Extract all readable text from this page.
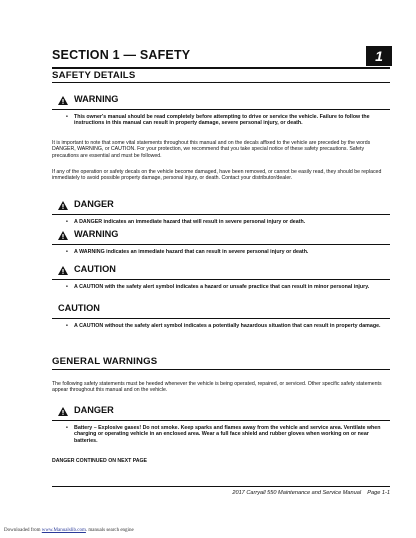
SECTION 1 — SAFETY	1
SAFETY DETAILS
WARNING
• This owner's manual should be read completely before attempting to drive or service the vehicle. Failure to follow the instructions in this manual can result in property damage, severe personal injury, or death.
It is important to note that some vital statements throughout this manual and on the decals affixed to the vehicle are preceded by the words DANGER, WARNING, or CAUTION. For your protection, we recommend that you take special notice of these safety precautions. Safety precautions are essential and must be followed.
If any of the operation or safety decals on the vehicle become damaged, have been removed, or cannot be easily read, they should be replaced immediately to avoid possible property damage, personal injury, or death. Contact your distributor/dealer.
DANGER
• A DANGER indicates an immediate hazard that will result in severe personal injury or death.
WARNING
• A WARNING indicates an immediate hazard that can result in severe personal injury or death.
CAUTION
• A CAUTION with the safety alert symbol indicates a hazard or unsafe practice that can result in minor personal injury.
CAUTION
• A CAUTION without the safety alert symbol indicates a potentially hazardous situation that can result in property damage.
GENERAL WARNINGS
The following safety statements must be heeded whenever the vehicle is being operated, repaired, or serviced. Other specific safety statements appear throughout this manual and on the vehicle.
DANGER
• Battery – Explosive gases! Do not smoke. Keep sparks and flames away from the vehicle and service area. Ventilate when charging or operating vehicle in an enclosed area. Wear a full face shield and rubber gloves when working on or near batteries.
DANGER CONTINUED ON NEXT PAGE
2017 Carryall 550 Maintenance and Service Manual Page 1-1
Downloaded from www.Manualslib.com. manuals search engine
